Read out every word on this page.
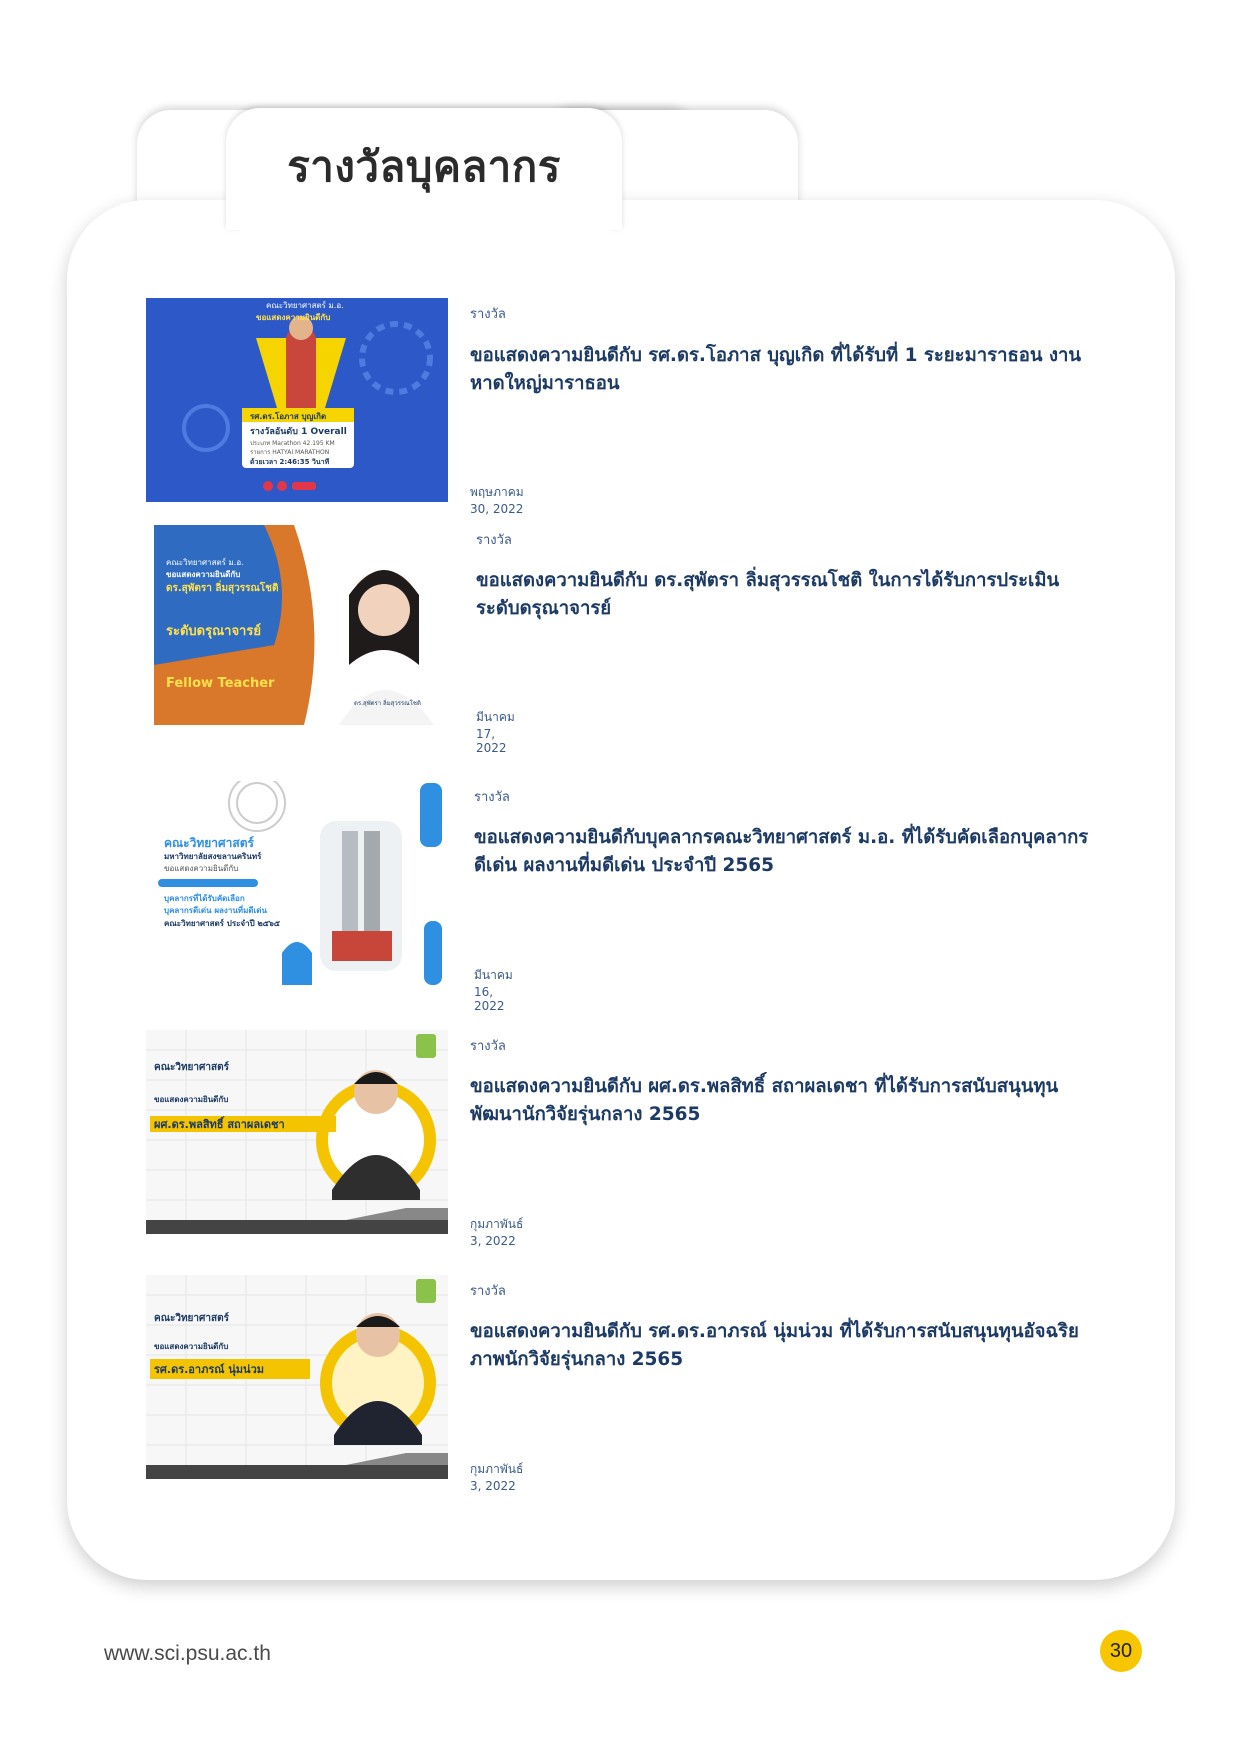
รางวัลบุคลากร
คณะวิทยาศาสตร์ ม.อ.
ขอแสดงความยินดีกับ
รศ.ดร.โอภาส บุญเกิด
รางวัลอันดับ 1 Overall
ประเภท Marathon 42.195 KM
รายการ HATYAI MARATHON
ด้วยเวลา 2:46:35 วินาที
รางวัล
ขอแสดงความยินดีกับ รศ.ดร.โอภาส บุญเกิด ที่ได้รับที่ 1 ระยะมาราธอน งานหาดใหญ่มาราธอน
พฤษภาคม 30, 2022
คณะวิทยาศาสตร์ ม.อ.
ขอแสดงความยินดีกับ
ดร.สุพัตรา ลิ่มสุวรรณโชติ
ระดับดรุณาจารย์
Fellow Teacher
ดร.สุพัตรา ลิ่มสุวรรณโชติ
รางวัล
ขอแสดงความยินดีกับ ดร.สุพัตรา ลิ่มสุวรรณโชติ ในการได้รับการประเมินระดับดรุณาจารย์
มีนาคม 17, 2022
คณะวิทยาศาสตร์
มหาวิทยาลัยสงขลานครินทร์
ขอแสดงความยินดีกับ
บุคลากรที่ได้รับคัดเลือก
บุคลากรดีเด่น ผลงานที่มดีเด่น
คณะวิทยาศาสตร์ ประจำปี ๒๕๖๕
รางวัล
ขอแสดงความยินดีกับบุคลากรคณะวิทยาศาสตร์ ม.อ. ที่ได้รับคัดเลือกบุคลากรดีเด่น ผลงานที่มดีเด่น ประจำปี 2565
มีนาคม 16, 2022
คณะวิทยาศาสตร์
ขอแสดงความยินดีกับ
ผศ.ดร.พลสิทธิ์ สถาผลเดชา
รางวัล
ขอแสดงความยินดีกับ ผศ.ดร.พลสิทธิ์ สถาผลเดชา ที่ได้รับการสนับสนุนทุนพัฒนานักวิจัยรุ่นกลาง 2565
กุมภาพันธ์ 3, 2022
คณะวิทยาศาสตร์
ขอแสดงความยินดีกับ
รศ.ดร.อาภรณ์ นุ่มน่วม
รางวัล
ขอแสดงความยินดีกับ รศ.ดร.อาภรณ์ นุ่มน่วม ที่ได้รับการสนับสนุนทุนอัจฉริยภาพนักวิจัยรุ่นกลาง 2565
กุมภาพันธ์ 3, 2022
www.sci.psu.ac.th	30
